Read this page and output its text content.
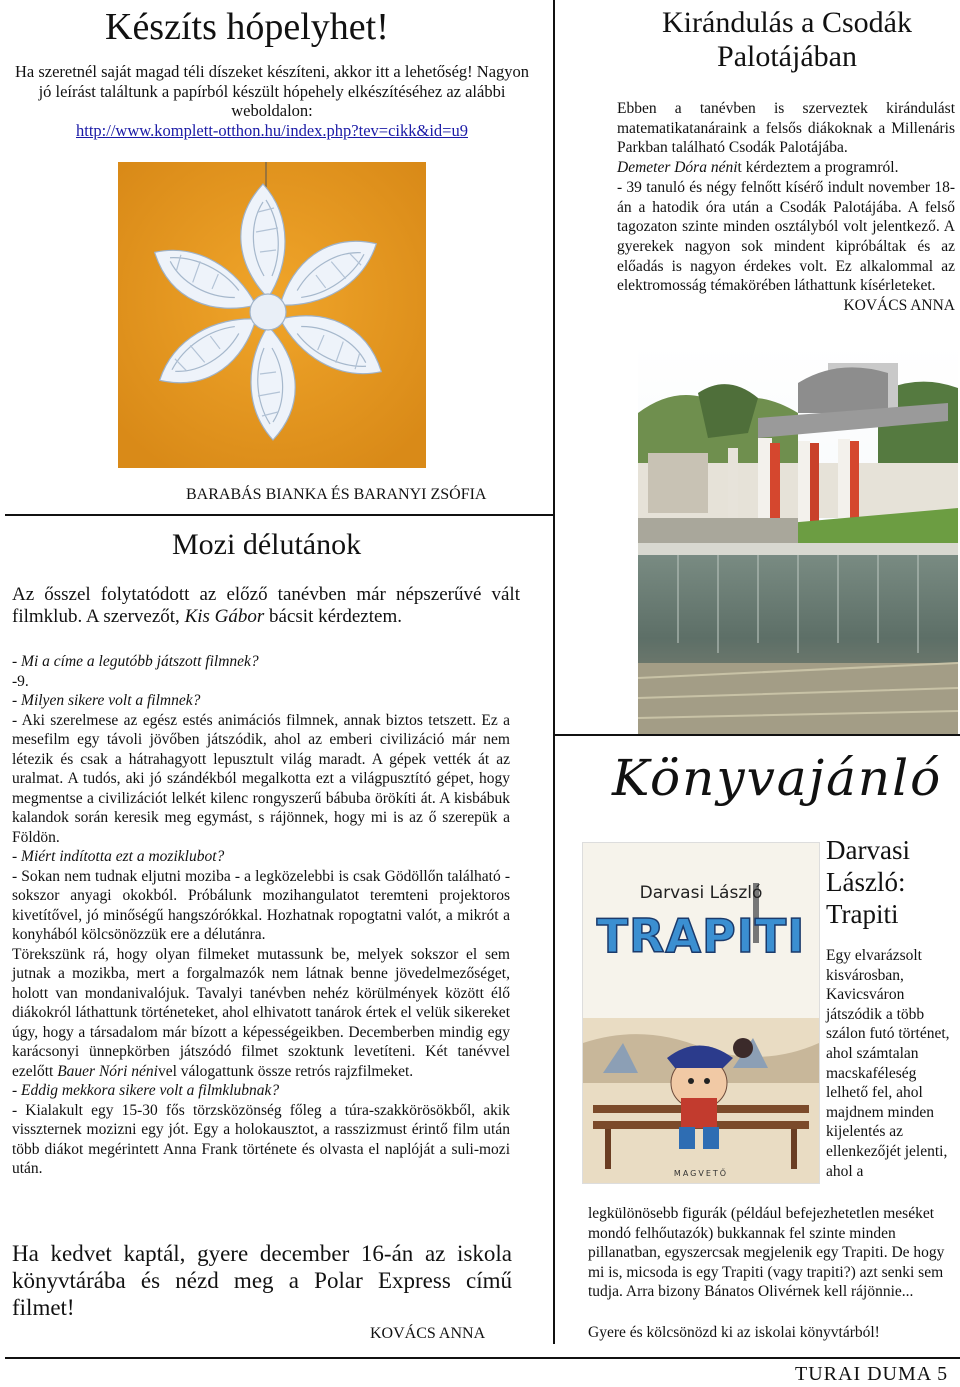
Készíts hópelyhet!

Ha szeretnél saját magad téli díszeket készíteni, akkor itt a lehetőség! Nagyon jó leírást találtunk a papírból készült hópehely elkészítéséhez az alábbi weboldalon:
http://www.komplett-otthon.hu/index.php?tev=cikk&id=u9

BARABÁS BIANKA ÉS BARANYI ZSÓFIA

Kirándulás a Csodák
Palotájában

Ebben a tanévben is szerveztek kirándulást matematikatanáraink a felsős diákoknak a Millenáris Parkban található Csodák Palotájába.

Demeter Dóra nénit kérdeztem a programról.

- 39 tanuló és négy felnőtt kísérő indult november 18-án a hatodik óra után a Csodák Palotájába. A felső tagozaton szinte minden osztályból volt jelentkező. A gyerekek nagyon sok mindent kipróbáltak és az előadás is nagyon érdekes volt. Ez alkalommal az elektromosság témakörében láthattunk kísérleteket.

KOVÁCS ANNA

Mozi délutánok

Az ősszel folytatódott az előző tanévben már népszerűvé vált filmklub. A szervezőt, Kis Gábor bácsit kérdeztem.

- Mi a címe a legutóbb játszott filmnek?

-9.

- Milyen sikere volt a filmnek?

- Aki szerelmese az egész estés animációs filmnek, annak biztos tetszett. Ez a mesefilm egy távoli jövőben játszódik, ahol az emberi civilizáció már nem létezik és csak a hátrahagyott lepusztult világ maradt. A gépek vették át az uralmat. A tudós, aki jó szándékból megalkotta ezt a világpusztító gépet, hogy megmentse a civilizációt lelkét kilenc rongyszerű bábuba örökíti át. A kisbábuk kalandok során keresik meg egymást, s rájönnek, hogy mi is az ő szerepük a Földön.

- Miért indította ezt a moziklubot?

- Sokan nem tudnak eljutni moziba - a legközelebbi is csak Gödöllőn található - sokszor anyagi okokból. Próbálunk mozihangulatot teremteni projektoros kivetítővel, jó minőségű hangszórókkal. Hozhatnak ropogtatni valót, a mikrót a konyhából kölcsönözzük ere a délutánra.

Törekszünk rá, hogy olyan filmeket mutassunk be, melyek sokszor el sem jutnak a mozikba, mert a forgalmazók nem látnak benne jövedelmezőséget, holott van mondanivalójuk. Tavalyi tanévben nehéz körülmények között élő diákokról láthattunk történeteket, ahol elhivatott tanárok értek el velük sikereket úgy, hogy a társadalom már bízott a képességeikben. Decemberben mindig egy karácsonyi ünnepkörben játszódó filmet szoktunk levetíteni. Két tanévvel ezelőtt Bauer Nóri nénivel válogattunk össze retrós rajzfilmeket.

- Eddig mekkora sikere volt a filmklubnak?

- Kialakult egy 15-30 fős törzsközönség főleg a túra-szakkörösökből, akik visszternek mozizni egy jót. Egy a holokausztot, a rasszizmust érintő film után több diákot megérintett Anna Frank története és olvasta el naplóját a suli-mozi után.

Ha kedvet kaptál, gyere december 16-án az iskola könyvtárába és nézd meg a Polar Express című filmet!

KOVÁCS ANNA

Könyvajánló
Darvasi László
TRAPITI
MAGVETŐ
Darvasi
László:
Trapiti

Egy elvarázsolt kisvárosban, Kavicsváron játszódik a több szálon futó történet, ahol számtalan macskaféleség lelhető fel, ahol majdnem minden kijelentés az ellenkezőjét jelenti, ahol a

legkülönösebb figurák (például befejezhetetlen meséket mondó felhőutazók) bukkannak fel szinte minden pillanatban, egyszercsak megjelenik egy Trapiti. De hogy mi is, micsoda is egy Trapiti (vagy trapiti?) azt senki sem tudja. Arra bizony Bánatos Olivérnek kell rájönnie...

Gyere és kölcsönözd ki az iskolai könyvtárból!

TURAI DUMA 5
